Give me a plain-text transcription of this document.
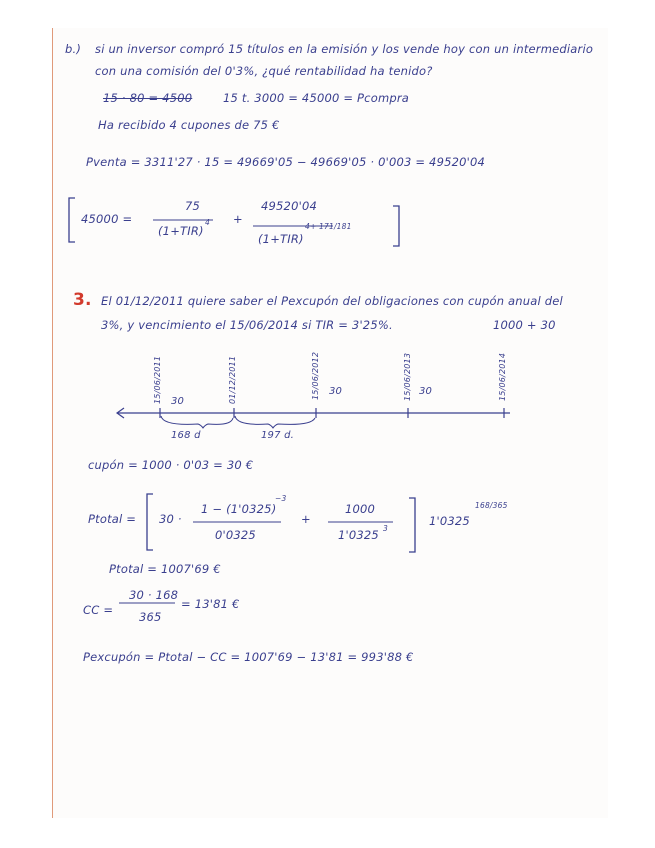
b.) si un inversor compró 15 títulos en la emisión y los vende hoy con un intermediario
con una comisión del 0'3%, ¿qué rentabilidad ha tenido?
15 · 80 = 4500	15 t. 3000 = 45000 = Pcompra
Ha recibido 4 cupones de 75 €
Pventa = 3311'27 · 15 = 49669'05 − 49669'05 · 0'003 = 49520'04
45000 =
75
(1+TIR)
4 +
49520'04
(1+TIR)
4+ 171/181
3. El 01/12/2011 quiere saber el Pexcupón del obligaciones con cupón anual del
3%, y vencimiento el 15/06/2014 si TIR = 3'25%.	1000 + 30
15/06/2011	01/12/2011	15/06/2012	15/06/2013	15/06/2014
30
30	30
168 d	197 d.
cupón = 1000 · 0'03 = 30 €
Ptotal = 30 ·
1 − (1'0325)
−3
0'0325
+
1000
1'0325 3
1'0325
168/365
Ptotal = 1007'69 €
CC =
30 · 168
365
= 13'81 €
Pexcupón = Ptotal − CC = 1007'69 − 13'81 = 993'88 €
